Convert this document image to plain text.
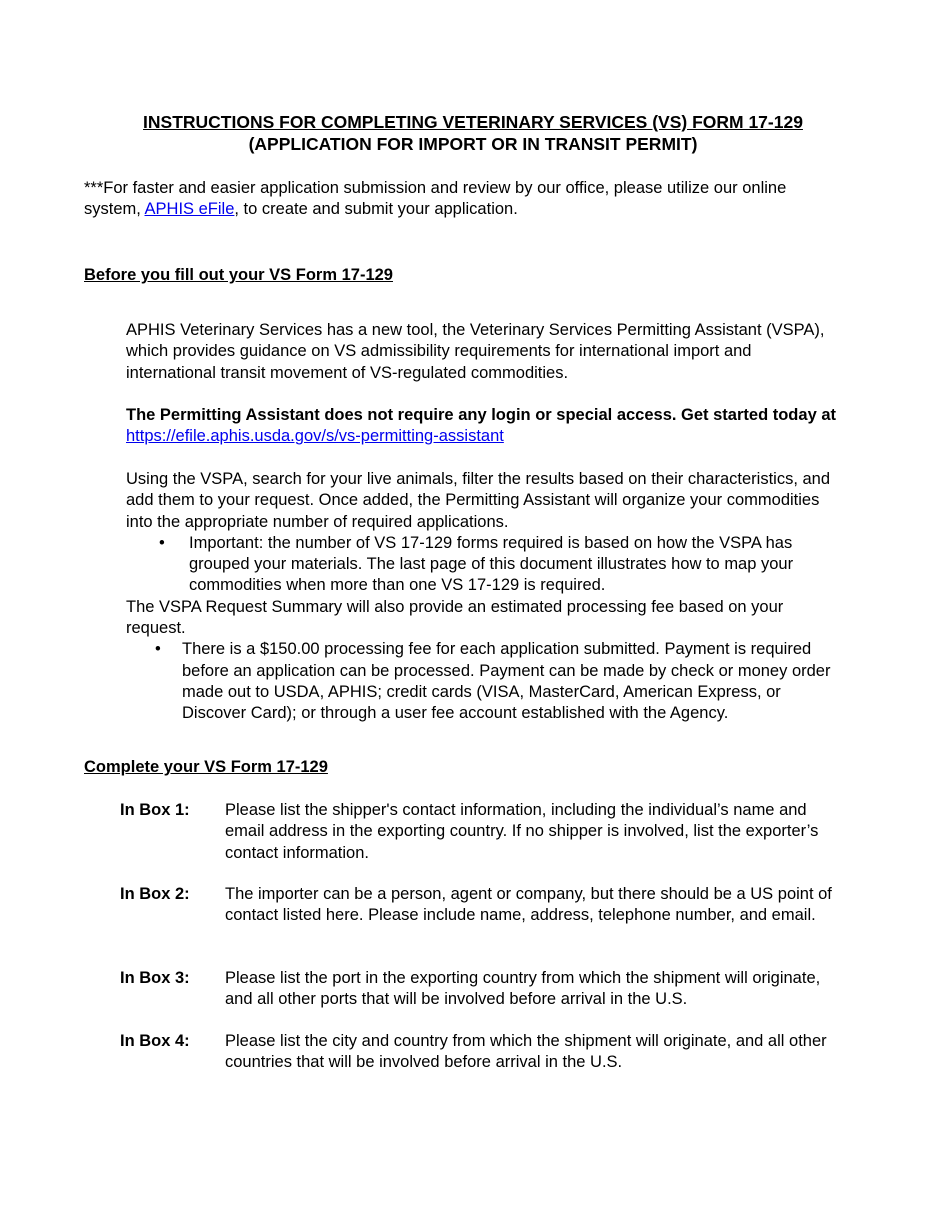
INSTRUCTIONS FOR COMPLETING VETERINARY SERVICES (VS) FORM 17-129
(APPLICATION FOR IMPORT OR IN TRANSIT PERMIT)
***For faster and easier application submission and review by our office, please utilize our online system, APHIS eFile, to create and submit your application.
Before you fill out your VS Form 17-129
APHIS Veterinary Services has a new tool, the Veterinary Services Permitting Assistant (VSPA), which provides guidance on VS admissibility requirements for international import and international transit movement of VS-regulated commodities.
The Permitting Assistant does not require any login or special access. Get started today at https://efile.aphis.usda.gov/s/vs-permitting-assistant
Using the VSPA, search for your live animals, filter the results based on their characteristics, and add them to your request. Once added, the Permitting Assistant will organize your commodities into the appropriate number of required applications.
• Important: the number of VS 17-129 forms required is based on how the VSPA has grouped your materials. The last page of this document illustrates how to map your commodities when more than one VS 17-129 is required.
The VSPA Request Summary will also provide an estimated processing fee based on your request.
• There is a $150.00 processing fee for each application submitted. Payment is required before an application can be processed. Payment can be made by check or money order made out to USDA, APHIS; credit cards (VISA, MasterCard, American Express, or Discover Card); or through a user fee account established with the Agency.
Complete your VS Form 17-129
In Box 1: Please list the shipper's contact information, including the individual’s name and email address in the exporting country. If no shipper is involved, list the exporter’s contact information.
In Box 2: The importer can be a person, agent or company, but there should be a US point of contact listed here. Please include name, address, telephone number, and email.
In Box 3: Please list the port in the exporting country from which the shipment will originate, and all other ports that will be involved before arrival in the U.S.
In Box 4: Please list the city and country from which the shipment will originate, and all other countries that will be involved before arrival in the U.S.
